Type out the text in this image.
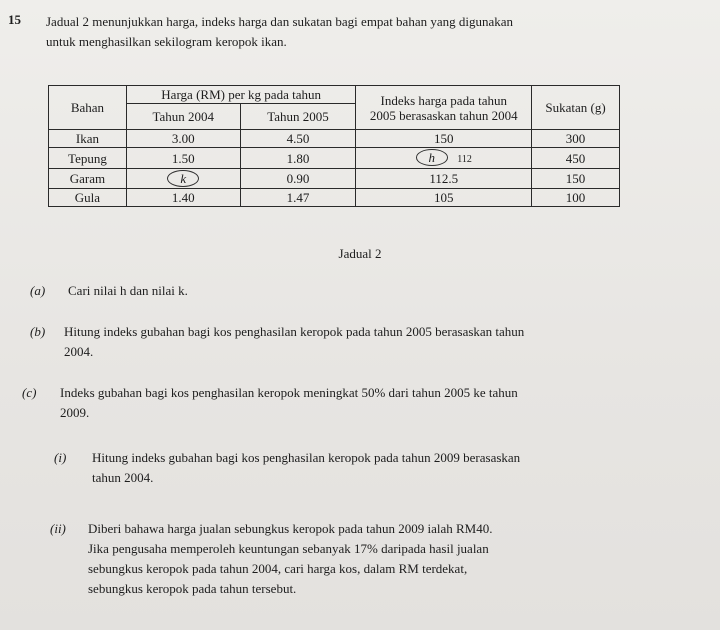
15 Jadual 2 menunjukkan harga, indeks harga dan sukatan bagi empat bahan yang digunakan
untuk menghasilkan sekilogram keropok ikan.
Bahan	Harga (RM) per kg pada tahun		Indeks harga pada tahun 2005 berasaskan tahun 2004	Sukatan (g)
	Tahun 2004	Tahun 2005		
Ikan	3.00	4.50	150	300
Tepung	1.50	1.80	h 112	450
Garam	k	0.90	112.5	150
Gula	1.40	1.47	105	100
Jadual 2
(a) Cari nilai h dan nilai k.
(b) Hitung indeks gubahan bagi kos penghasilan keropok pada tahun 2005 berasaskan tahun
2004.
(c) Indeks gubahan bagi kos penghasilan keropok meningkat 50% dari tahun 2005 ke tahun
2009.
(i) Hitung indeks gubahan bagi kos penghasilan keropok pada tahun 2009 berasaskan
tahun 2004.
(ii) Diberi bahawa harga jualan sebungkus keropok pada tahun 2009 ialah RM40.
Jika pengusaha memperoleh keuntungan sebanyak 17% daripada hasil jualan
sebungkus keropok pada tahun 2004, cari harga kos, dalam RM terdekat,
sebungkus keropok pada tahun tersebut.
